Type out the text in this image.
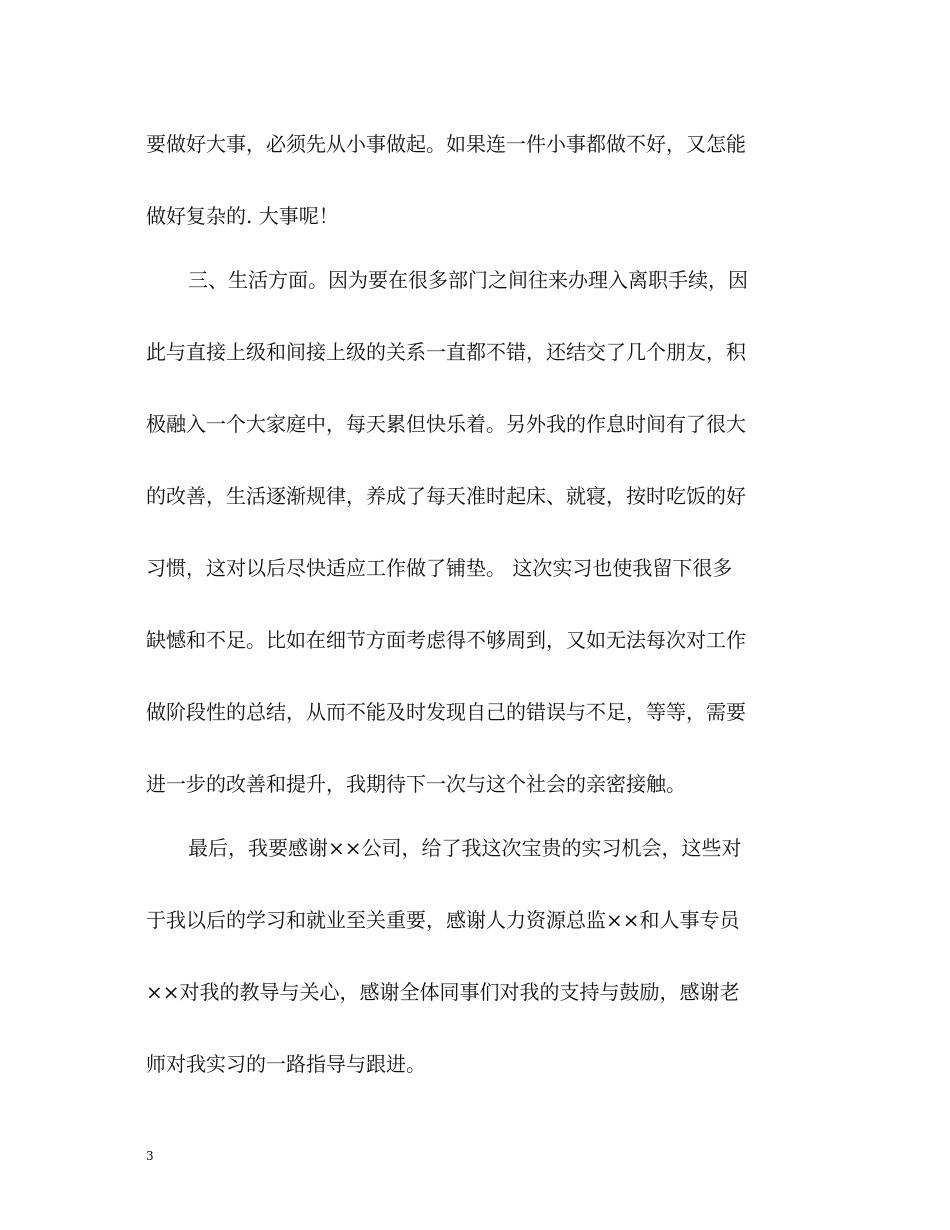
要做好大事，必须先从小事做起。如果连一件小事都做不好，又怎能
做好复杂的. 大事呢！
三、生活方面。因为要在很多部门之间往来办理入离职手续，因
此与直接上级和间接上级的关系一直都不错，还结交了几个朋友，积
极融入一个大家庭中，每天累但快乐着。另外我的作息时间有了很大
的改善，生活逐渐规律，养成了每天准时起床、就寝，按时吃饭的好
习惯，这对以后尽快适应工作做了铺垫。 这次实习也使我留下很多
缺憾和不足。比如在细节方面考虑得不够周到，又如无法每次对工作
做阶段性的总结，从而不能及时发现自己的错误与不足，等等，需要
进一步的改善和提升，我期待下一次与这个社会的亲密接触。
最后，我要感谢××公司，给了我这次宝贵的实习机会，这些对
于我以后的学习和就业至关重要，感谢人力资源总监××和人事专员
××对我的教导与关心，感谢全体同事们对我的支持与鼓励，感谢老
师对我实习的一路指导与跟进。
3
